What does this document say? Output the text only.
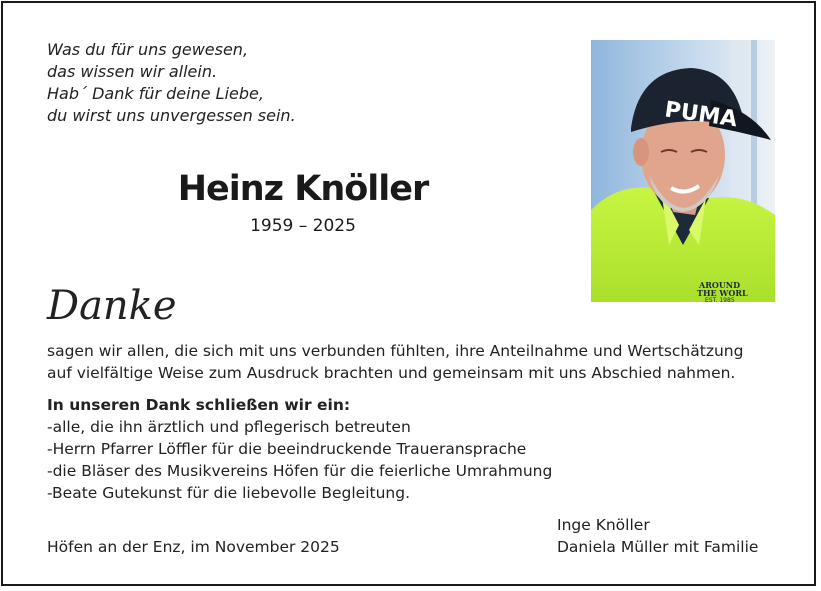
Was du für uns gewesen,
das wissen wir allein.
Hab´ Dank für deine Liebe,
du wirst uns unvergessen sein.
Heinz Knöller
1959 – 2025
PUMA
AROUND
THE WORL
EST. 1985
Danke
sagen wir allen, die sich mit uns verbunden fühlten, ihre Anteilnahme und Wertschätzung
auf vielfältige Weise zum Ausdruck brachten und gemeinsam mit uns Abschied nahmen.
In unseren Dank schließen wir ein:
-alle, die ihn ärztlich und pflegerisch betreuten
-Herrn Pfarrer Löffler für die beeindruckende Traueransprache
-die Bläser des Musikvereins Höfen für die feierliche Umrahmung
-Beate Gutekunst für die liebevolle Begleitung.
Höfen an der Enz, im November 2025
Inge Knöller
Daniela Müller mit Familie
